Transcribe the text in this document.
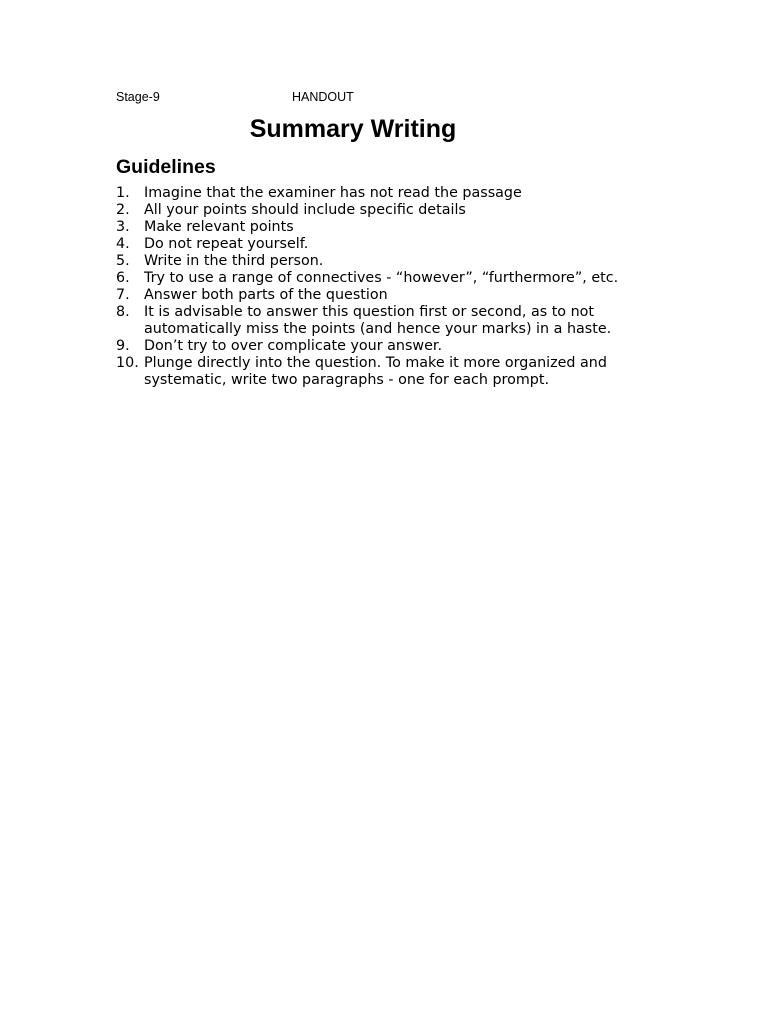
Stage-9	HANDOUT
Summary Writing
Guidelines
1. Imagine that the examiner has not read the passage
2. All your points should include specific details
3. Make relevant points
4. Do not repeat yourself.
5. Write in the third person.
6. Try to use a range of connectives - “however”, “furthermore”, etc.
7. Answer both parts of the question
8. It is advisable to answer this question first or second, as to not automatically miss the points (and hence your marks) in a haste.
9. Don’t try to over complicate your answer.
10. Plunge directly into the question. To make it more organized and systematic, write two paragraphs - one for each prompt.
